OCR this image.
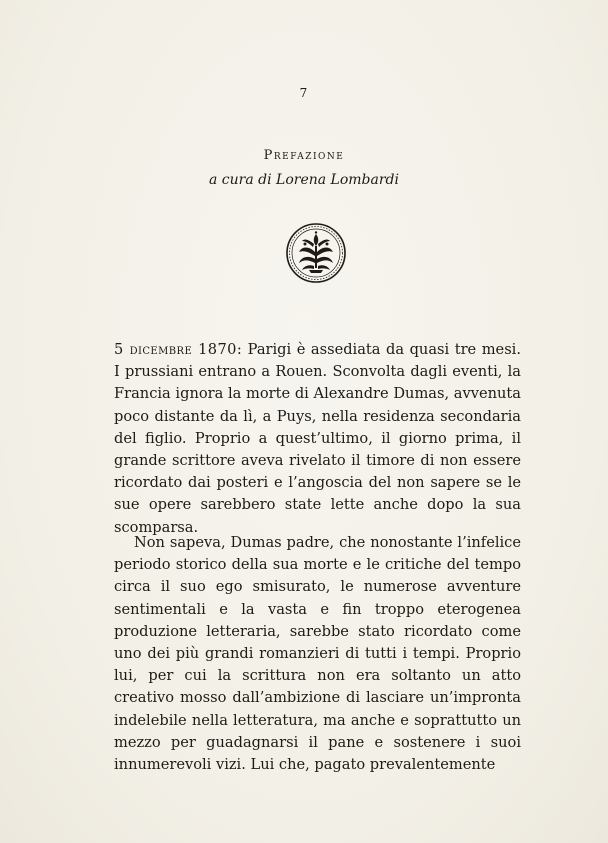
7
Prefazione
a cura di Lorena Lombardi
5 dicembre 1870: Parigi è assediata da quasi tre mesi. I prussiani entrano a Rouen. Sconvolta dagli eventi, la Francia ignora la morte di Alexandre Dumas, avvenuta poco distante da lì, a Puys, nella residenza secondaria del figlio. Proprio a quest’ultimo, il giorno prima, il grande scrittore aveva rivelato il timore di non essere ricordato dai posteri e l’angoscia del non sapere se le sue opere sarebbero state lette anche dopo la sua scomparsa.
Non sapeva, Dumas padre, che nonostante l’infelice periodo storico della sua morte e le critiche del tempo circa il suo ego smisurato, le numerose avventure sentimentali e la vasta e fin troppo eterogenea produzione letteraria, sarebbe stato ricordato come uno dei più grandi romanzieri di tutti i tempi. Proprio lui, per cui la scrittura non era soltanto un atto creativo mosso dall’ambizione di lasciare un’impronta indelebile nella letteratura, ma anche e soprattutto un mezzo per guadagnarsi il pane e sostenere i suoi innumerevoli vizi. Lui che, pagato prevalentemente
